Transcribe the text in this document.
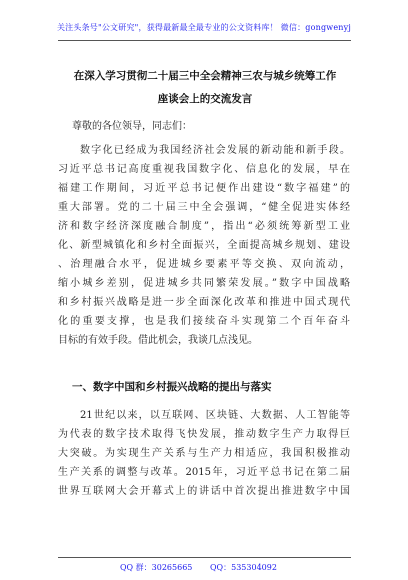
关注头条号"公文研究"，获得最新最全最专业的公文资料库！ 微信：gongwenyj
在深入学习贯彻二十届三中全会精神三农与城乡统筹工作
座谈会上的交流发言
尊敬的各位领导，同志们：
数字化已经成为我国经济社会发展的新动能和新手段。
习近平总书记高度重视我国数字化、信息化的发展，早在
福建工作期间，习近平总书记便作出建设“数字福建”的
重大部署。党的二十届三中全会强调，“健全促进实体经
济和数字经济深度融合制度”，指出“必须统筹新型工业
化、新型城镇化和乡村全面振兴，全面提高城乡规划、建设
、治理融合水平，促进城乡要素平等交换、双向流动，
缩小城乡差别，促进城乡共同繁荣发展。”数字中国战略
和乡村振兴战略是进一步全面深化改革和推进中国式现代
化的重要支撑，也是我们接续奋斗实现第二个百年奋斗
目标的有效手段。借此机会，我谈几点浅见。
一、数字中国和乡村振兴战略的提出与落实
21世纪以来，以互联网、区块链、大数据、人工智能等
为代表的数字技术取得飞快发展，推动数字生产力取得巨
大突破。为实现生产关系与生产力相适应，我国积极推动
生产关系的调整与改革。2015年，习近平总书记在第二届
世界互联网大会开幕式上的讲话中首次提出推进数字中国
QQ 群：30265665 QQ：535304092
